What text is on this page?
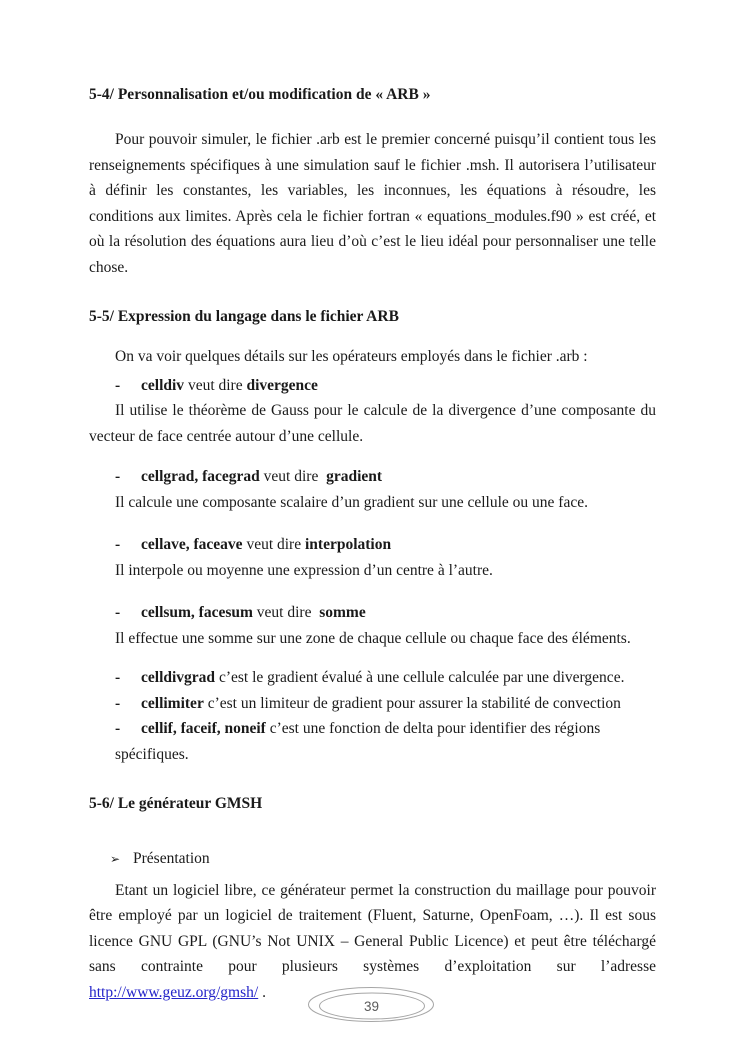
5-4/ Personnalisation et/ou modification de « ARB »

Pour pouvoir simuler, le fichier .arb est le premier concerné puisqu’il contient tous les renseignements spécifiques à une simulation sauf le fichier .msh. Il autorisera l’utilisateur à définir les constantes, les variables, les inconnues, les équations à résoudre, les conditions aux limites. Après cela le fichier fortran « equations_modules.f90 » est créé, et où la résolution des équations aura lieu d’où c’est le lieu idéal pour personnaliser une telle chose.

5-5/ Expression du langage dans le fichier ARB

On va voir quelques détails sur les opérateurs employés dans le fichier .arb :

- celldiv veut dire divergence

Il utilise le théorème de Gauss pour le calcule de la divergence d’une composante du vecteur de face centrée autour d’une cellule.

- cellgrad, facegrad veut dire  gradient

Il calcule une composante scalaire d’un gradient sur une cellule ou une face.

- cellave, faceave veut dire interpolation

Il interpole ou moyenne une expression d’un centre à l’autre.

- cellsum, facesum veut dire  somme

Il effectue une somme sur une zone de chaque cellule ou chaque face des éléments.

- celldivgrad c’est le gradient évalué à une cellule calculée par une divergence.
- cellimiter c’est un limiteur de gradient pour assurer la stabilité de convection
- cellif, faceif, noneif c’est une fonction de delta pour identifier des régions spécifiques.
5-6/ Le générateur GMSH
➢ Présentation

Etant un logiciel libre, ce générateur permet la construction du maillage pour pouvoir être employé par un logiciel de traitement (Fluent, Saturne, OpenFoam, …). Il est sous licence GNU GPL (GNU’s Not UNIX – General Public Licence) et peut être téléchargé sans contrainte pour plusieurs systèmes d’exploitation sur l’adresse http://www.geuz.org/gmsh/ .

39
